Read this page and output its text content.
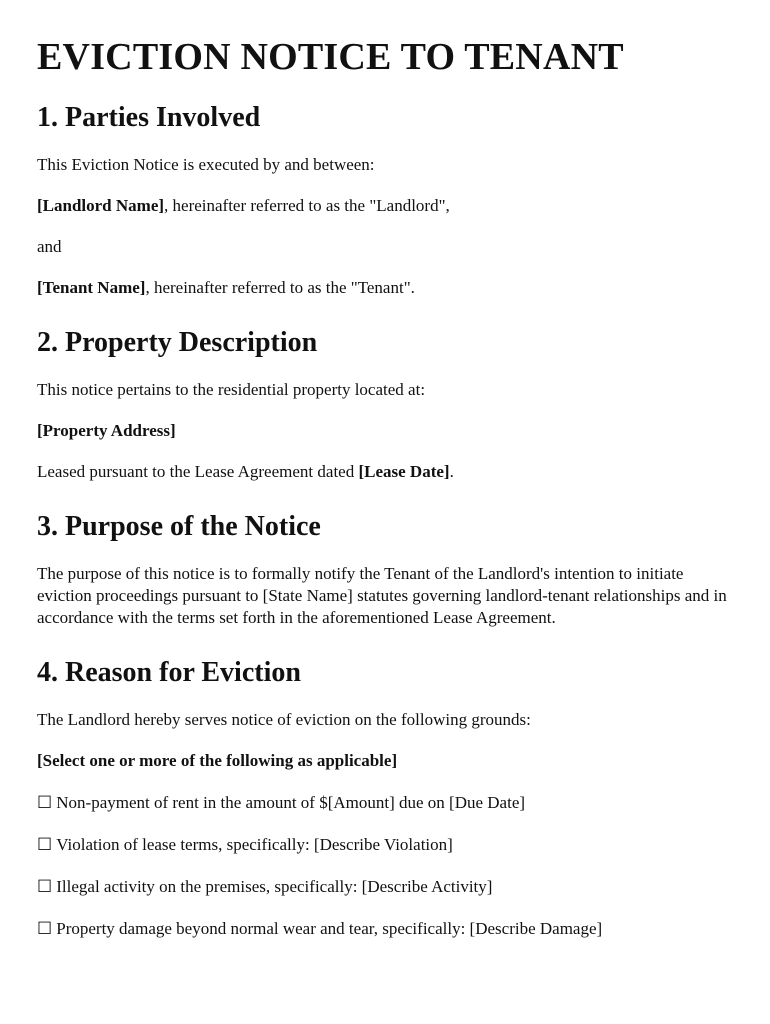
EVICTION NOTICE TO TENANT
1. Parties Involved

This Eviction Notice is executed by and between:

[Landlord Name], hereinafter referred to as the "Landlord",

and

[Tenant Name], hereinafter referred to as the "Tenant".

2. Property Description

This notice pertains to the residential property located at:

[Property Address]

Leased pursuant to the Lease Agreement dated [Lease Date].

3. Purpose of the Notice

The purpose of this notice is to formally notify the Tenant of the Landlord's intention to initiate eviction proceedings pursuant to [State Name] statutes governing landlord-tenant relationships and in accordance with the terms set forth in the aforementioned Lease Agreement.

4. Reason for Eviction

The Landlord hereby serves notice of eviction on the following grounds:

[Select one or more of the following as applicable]

☐ Non-payment of rent in the amount of $[Amount] due on [Due Date]
☐ Violation of lease terms, specifically: [Describe Violation]
☐ Illegal activity on the premises, specifically: [Describe Activity]
☐ Property damage beyond normal wear and tear, specifically: [Describe Damage]
